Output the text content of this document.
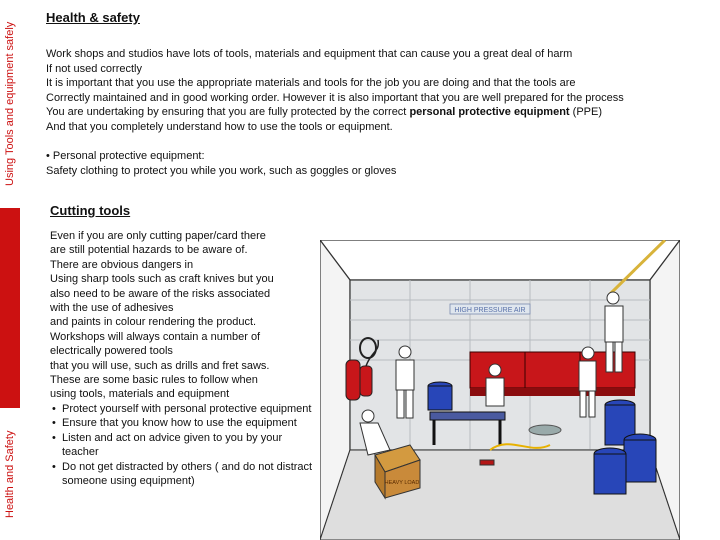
Using Tools and equipment safely
Health and Safety
Health & safety
Work shops and studios have lots of tools, materials and equipment that can cause you a great deal of harm
If not used correctly
It is important that you use the appropriate materials and tools for the job you are doing and that the tools are
Correctly maintained and in good working order. However it is also important that you are well prepared for the process
You are undertaking by ensuring that you are fully protected by the correct personal protective equipment (PPE)
And that you completely understand how to use the tools or equipment.
• Personal protective equipment:
Safety clothing to protect you while you work, such as goggles or gloves
Cutting tools
Even if you are only cutting paper/card there
are still potential hazards to be aware of.
There are obvious dangers in
Using sharp tools such as craft knives but you
also need to be aware of the risks associated
with the use of adhesives
and paints in colour rendering the product.
Workshops will always contain a number of
electrically powered tools
that you will use, such as drills and fret saws.
These are some basic rules to follow when
using tools, materials and equipment
• Protect yourself with personal protective equipment
• Ensure that you know how to use the equipment
• Listen and act on advice given to you by your teacher
• Do not get distracted by others ( and do not distract someone using equipment)
HIGH PRESSURE AIR
HEAVY LOAD
